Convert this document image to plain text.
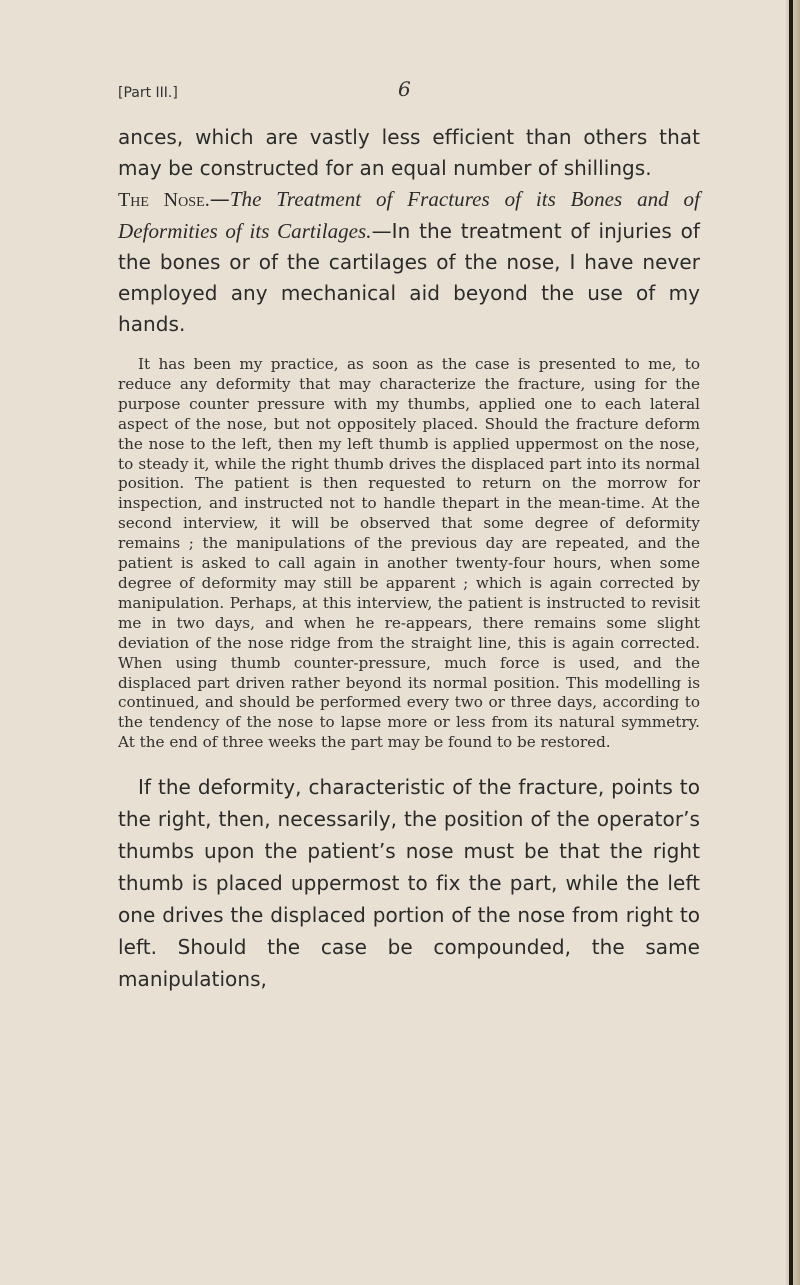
[Part III.]	6

ances, which are vastly less efficient than others that may be constructed for an equal number of shillings.

The Nose.—The Treatment of Fractures of its Bones and of Deformities of its Cartilages.—In the treatment of injuries of the bones or of the cartilages of the nose, I have never employed any mechanical aid beyond the use of my hands.

It has been my practice, as soon as the case is presented to me, to reduce any deformity that may characterize the fracture, using for the purpose counter pressure with my thumbs, applied one to each lateral aspect of the nose, but not oppositely placed. Should the fracture deform the nose to the left, then my left thumb is applied uppermost on the nose, to steady it, while the right thumb drives the displaced part into its normal position. The patient is then requested to return on the morrow for inspection, and instructed not to handle thepart in the mean-time. At the second interview, it will be observed that some degree of deformity remains ; the manipulations of the previous day are repeated, and the patient is asked to call again in another twenty-four hours, when some degree of deformity may still be apparent ; which is again corrected by manipulation. Perhaps, at this interview, the patient is instructed to revisit me in two days, and when he re-appears, there remains some slight deviation of the nose ridge from the straight line, this is again corrected. When using thumb counter-pressure, much force is used, and the displaced part driven rather beyond its normal position. This modelling is continued, and should be performed every two or three days, according to the tendency of the nose to lapse more or less from its natural symmetry. At the end of three weeks the part may be found to be restored.

If the deformity, characteristic of the fracture, points to the right, then, necessarily, the position of the operator’s thumbs upon the patient’s nose must be that the right thumb is placed uppermost to fix the part, while the left one drives the displaced portion of the nose from right to left. Should the case be compounded, the same manipulations,
